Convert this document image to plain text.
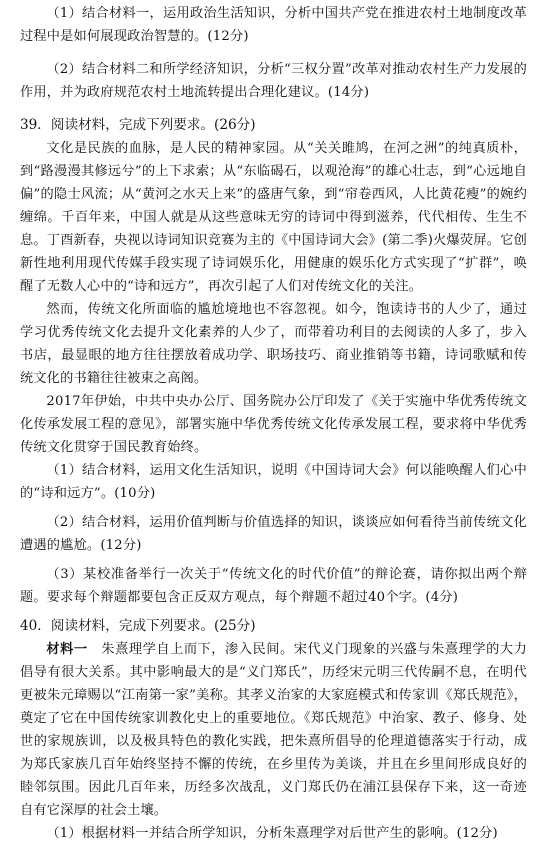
（1）结合材料一，运用政治生活知识，分析中国共产党在推进农村土地制度改革过程中是如何展现政治智慧的。(12分)

（2）结合材料二和所学经济知识，分析“三权分置”改革对推动农村生产力发展的作用，并为政府规范农村土地流转提出合理化建议。(14分)

39．阅读材料，完成下列要求。(26分)

文化是民族的血脉，是人民的精神家园。从“关关雎鸠，在河之洲”的纯真质朴，到“路漫漫其修远兮”的上下求索；从“东临碣石，以观沧海”的雄心壮志，到“心远地自偏”的隐士风流；从“黄河之水天上来”的盛唐气象，到“帘卷西风，人比黄花瘦”的婉约缠绵。千百年来，中国人就是从这些意味无穷的诗词中得到滋养，代代相传、生生不息。丁酉新春，央视以诗词知识竞赛为主的《中国诗词大会》(第二季)火爆荧屏。它创新性地利用现代传媒手段实现了诗词娱乐化，用健康的娱乐化方式实现了“扩群”，唤醒了无数人心中的“诗和远方”，再次引起了人们对传统文化的关注。

然而，传统文化所面临的尴尬境地也不容忽视。如今，饱读诗书的人少了，通过学习优秀传统文化去提升文化素养的人少了，而带着功利目的去阅读的人多了，步入书店，最显眼的地方往往摆放着成功学、职场技巧、商业推销等书籍，诗词歌赋和传统文化的书籍往往被束之高阁。

2017年伊始，中共中央办公厅、国务院办公厅印发了《关于实施中华优秀传统文化传承发展工程的意见》，部署实施中华优秀传统文化传承发展工程，要求将中华优秀传统文化贯穿于国民教育始终。

（1）结合材料，运用文化生活知识，说明《中国诗词大会》何以能唤醒人们心中的“诗和远方”。(10分)

（2）结合材料，运用价值判断与价值选择的知识，谈谈应如何看待当前传统文化遭遇的尴尬。(12分)

（3）某校准备举行一次关于“传统文化的时代价值”的辩论赛，请你拟出两个辩题。要求每个辩题都要包含正反双方观点，每个辩题不超过40个字。(4分)

40．阅读材料，完成下列要求。(25分)

材料一　 朱熹理学自上而下，渗入民间。宋代义门现象的兴盛与朱熹理学的大力倡导有很大关系。其中影响最大的是“义门郑氏”，历经宋元明三代传嗣不息，在明代更被朱元璋赐以“江南第一家”美称。其孝义治家的大家庭模式和传家训《郑氏规范》，奠定了它在中国传统家训教化史上的重要地位。《郑氏规范》中治家、教子、修身、处世的家规族训，以及极具特色的教化实践，把朱熹所倡导的伦理道德落实于行动，成为郑氏家族几百年始终坚持不懈的传统，在乡里传为美谈，并且在乡里间形成良好的睦邻氛围。因此几百年来，历经多次战乱，义门郑氏仍在浦江县保存下来，这一奇迹自有它深厚的社会土壤。

（1）根据材料一并结合所学知识，分析朱熹理学对后世产生的影响。(12分)
